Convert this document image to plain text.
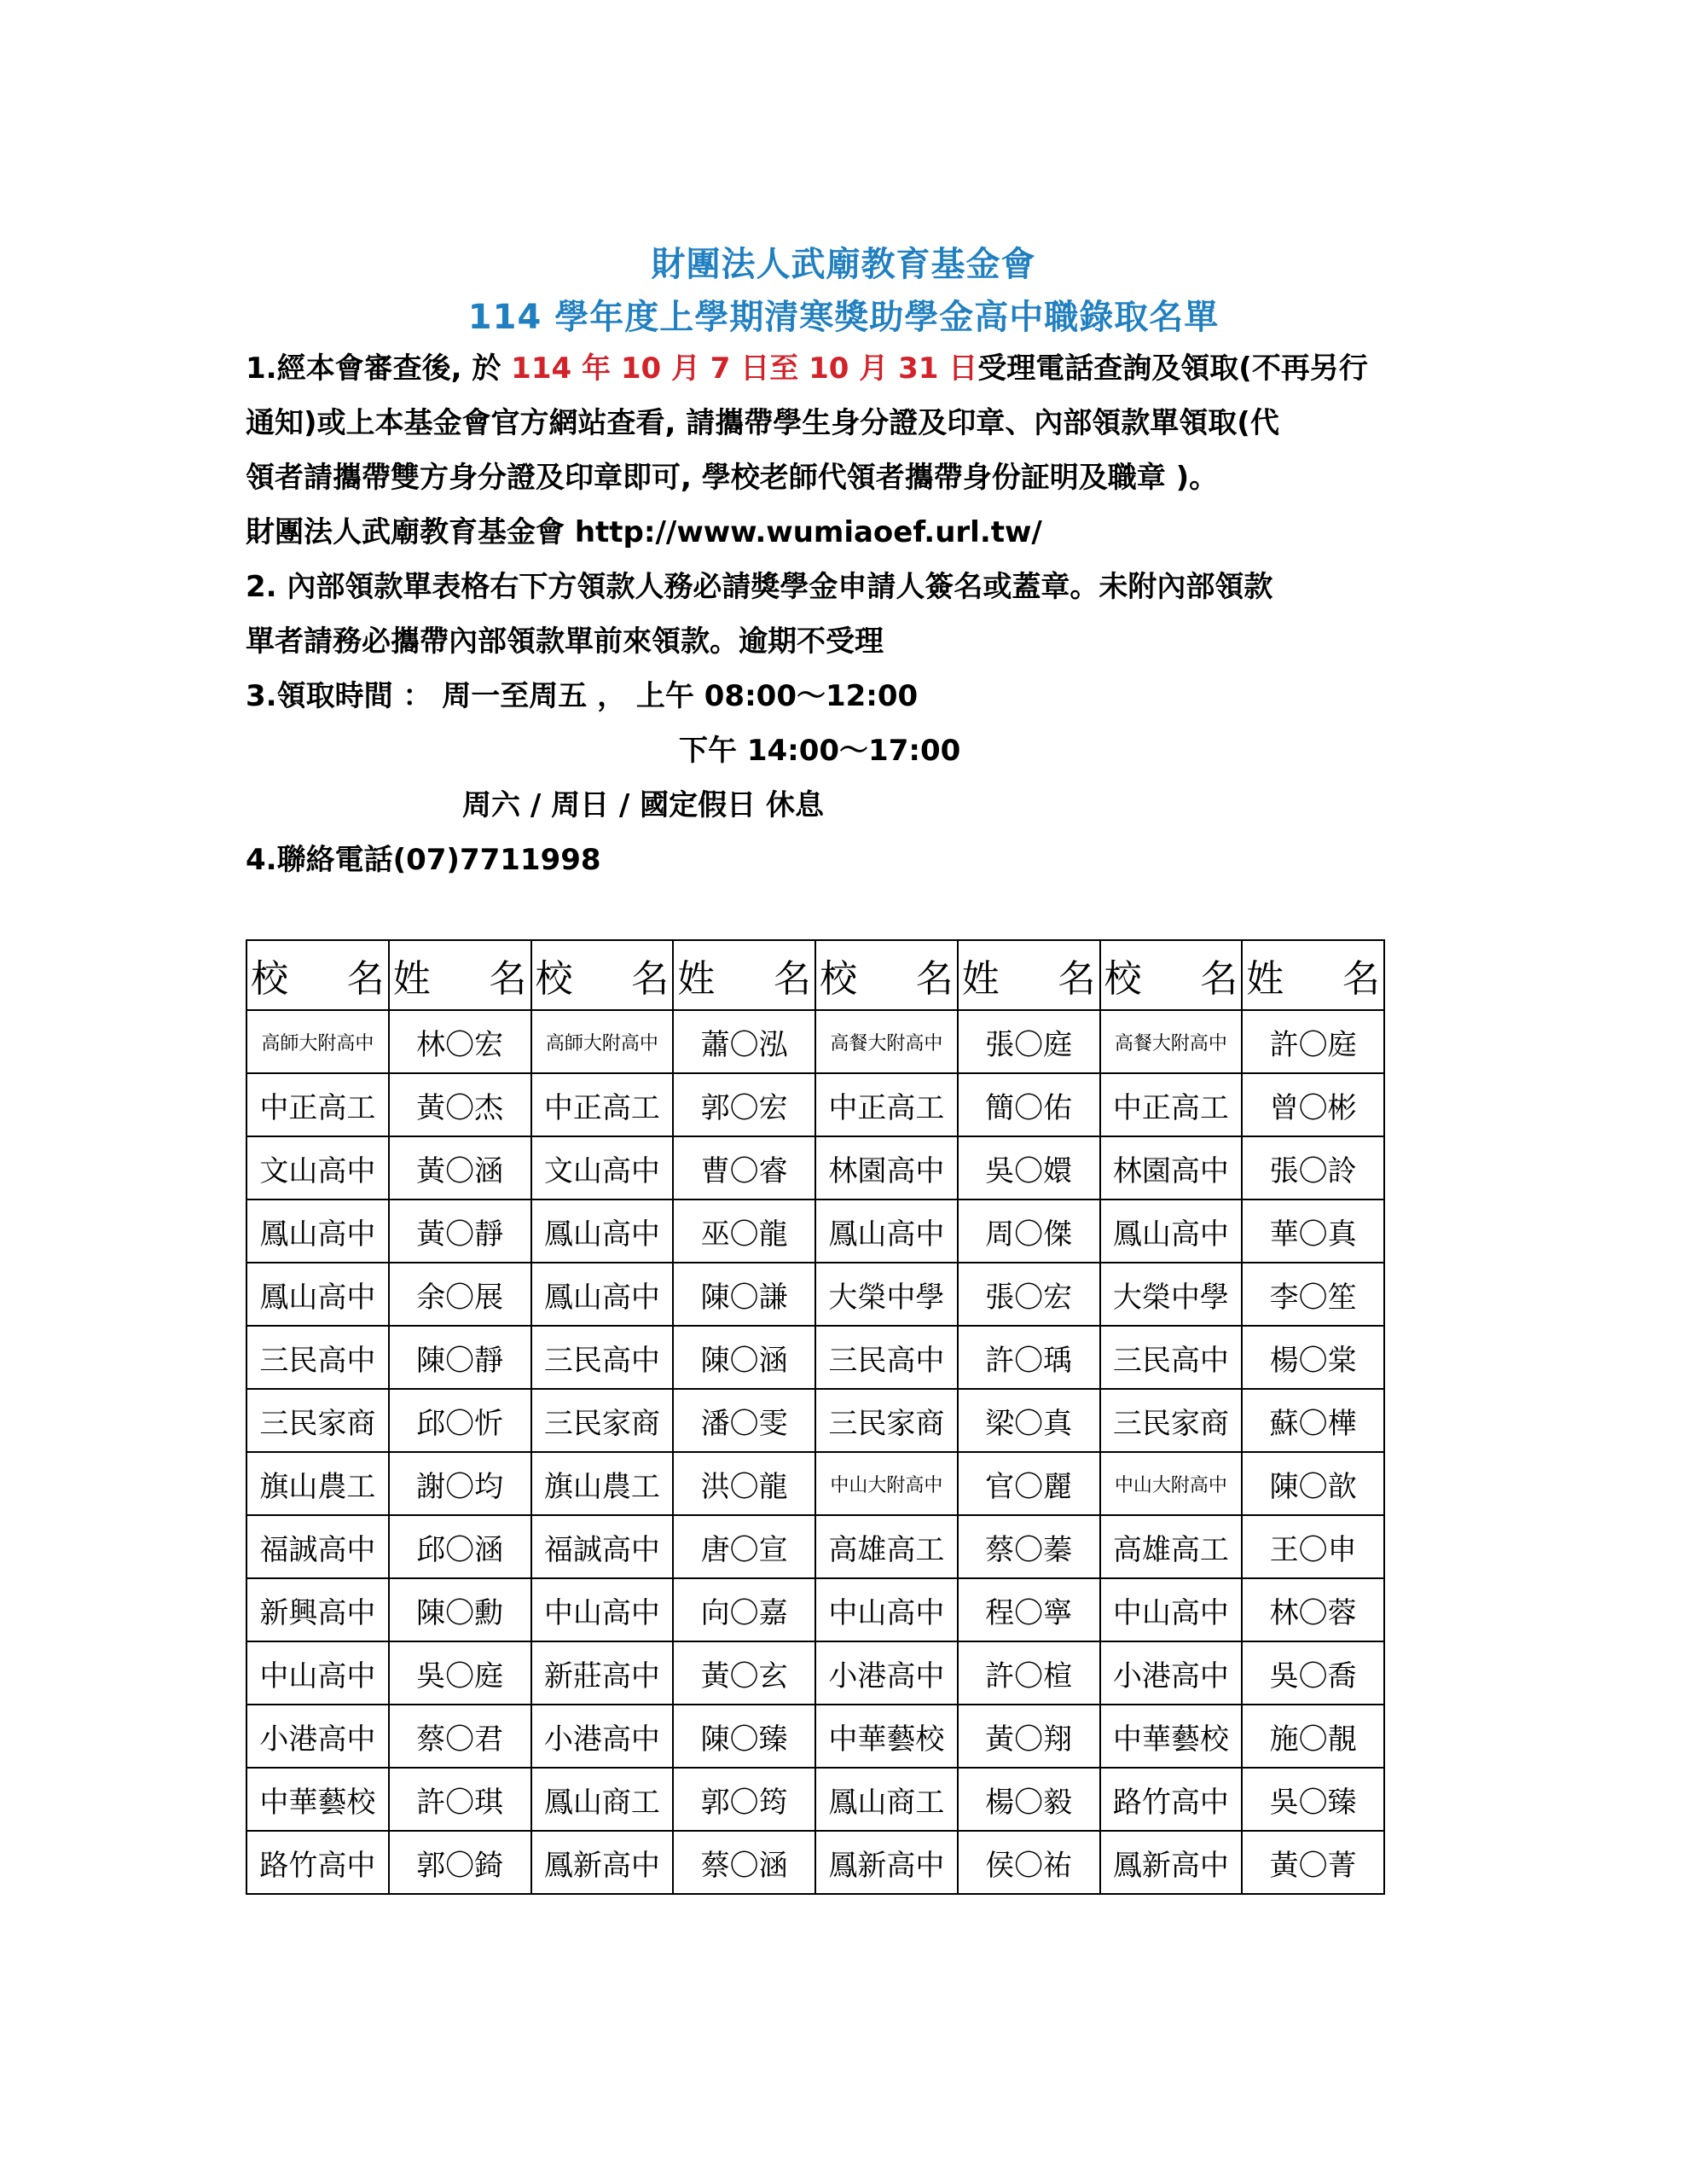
財團法人武廟教育基金會
114 學年度上學期清寒獎助學金高中職錄取名單
1.經本會審查後, 於 114 年 10 月 7 日至 10 月 31 日受理電話查詢及領取(不再另行
通知)或上本基金會官方網站查看, 請攜帶學生身分證及印章、內部領款單領取(代
領者請攜帶雙方身分證及印章即可, 學校老師代領者攜帶身份証明及職章 )。
財團法人武廟教育基金會 http://www.wumiaoef.url.tw/
2. 內部領款單表格右下方領款人務必請獎學金申請人簽名或蓋章。未附內部領款
單者請務必攜帶內部領款單前來領款。逾期不受理
3.領取時間 ： 周一至周五 ， 上午 08:00～12:00
下午 14:00～17:00
周六 / 周日 / 國定假日 休息
4.聯絡電話(07)7711998
校 名	姓 名	校 名	姓 名	校 名	姓 名	校 名	姓 名

高師大附高中	林〇宏	高師大附高中	蕭〇泓	高餐大附高中	張〇庭	高餐大附高中	許〇庭
中正高工	黃〇杰	中正高工	郭〇宏	中正高工	簡〇佑	中正高工	曾〇彬
文山高中	黃〇涵	文山高中	曹〇睿	林園高中	吳〇嬛	林園高中	張〇詅
鳳山高中	黃〇靜	鳳山高中	巫〇龍	鳳山高中	周〇傑	鳳山高中	華〇真
鳳山高中	余〇展	鳳山高中	陳〇謙	大榮中學	張〇宏	大榮中學	李〇笙
三民高中	陳〇靜	三民高中	陳〇涵	三民高中	許〇瑀	三民高中	楊〇棠
三民家商	邱〇忻	三民家商	潘〇雯	三民家商	梁〇真	三民家商	蘇〇樺
旗山農工	謝〇均	旗山農工	洪〇龍	中山大附高中	官〇麗	中山大附高中	陳〇歆
福誠高中	邱〇涵	福誠高中	唐〇宣	高雄高工	蔡〇蓁	高雄高工	王〇申
新興高中	陳〇勳	中山高中	向〇嘉	中山高中	程〇寧	中山高中	林〇蓉
中山高中	吳〇庭	新莊高中	黃〇玄	小港高中	許〇楦	小港高中	吳〇喬
小港高中	蔡〇君	小港高中	陳〇臻	中華藝校	黃〇翔	中華藝校	施〇靚
中華藝校	許〇琪	鳳山商工	郭〇筠	鳳山商工	楊〇毅	路竹高中	吳〇臻
路竹高中	郭〇錡	鳳新高中	蔡〇涵	鳳新高中	侯〇祐	鳳新高中	黃〇菁
